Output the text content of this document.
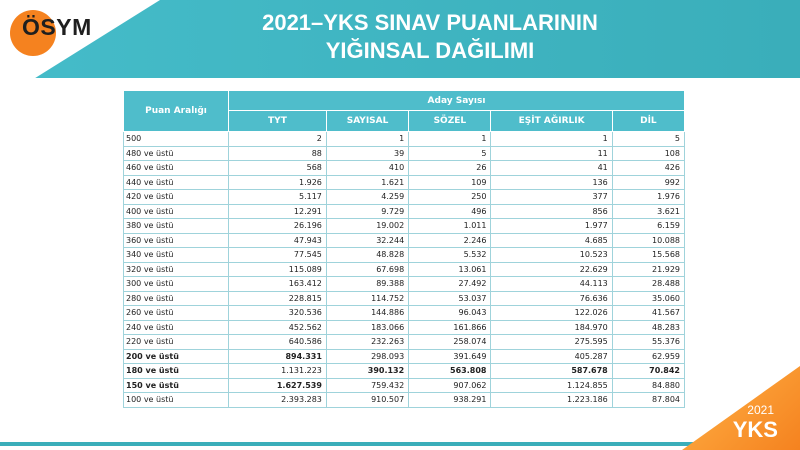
ÖSYM	2021–YKS SINAV PUANLARININ
YIĞINSAL DAĞILIMI
Puan Aralığı	Aday Sayısı				
	TYT	SAYISAL	SÖZEL	EŞİT AĞIRLIK	DİL
500	2	1	1	1	5
480 ve üstü	88	39	5	11	108
460 ve üstü	568	410	26	41	426
440 ve üstü	1.926	1.621	109	136	992
420 ve üstü	5.117	4.259	250	377	1.976
400 ve üstü	12.291	9.729	496	856	3.621
380 ve üstü	26.196	19.002	1.011	1.977	6.159
360 ve üstü	47.943	32.244	2.246	4.685	10.088
340 ve üstü	77.545	48.828	5.532	10.523	15.568
320 ve üstü	115.089	67.698	13.061	22.629	21.929
300 ve üstü	163.412	89.388	27.492	44.113	28.488
280 ve üstü	228.815	114.752	53.037	76.636	35.060
260 ve üstü	320.536	144.886	96.043	122.026	41.567
240 ve üstü	452.562	183.066	161.866	184.970	48.283
220 ve üstü	640.586	232.263	258.074	275.595	55.376
200 ve üstü	894.331	298.093	391.649	405.287	62.959
180 ve üstü	1.131.223	390.132	563.808	587.678	70.842
150 ve üstü	1.627.539	759.432	907.062	1.124.855	84.880
100 ve üstü	2.393.283	910.507	938.291	1.223.186	87.804
2021
YKS
